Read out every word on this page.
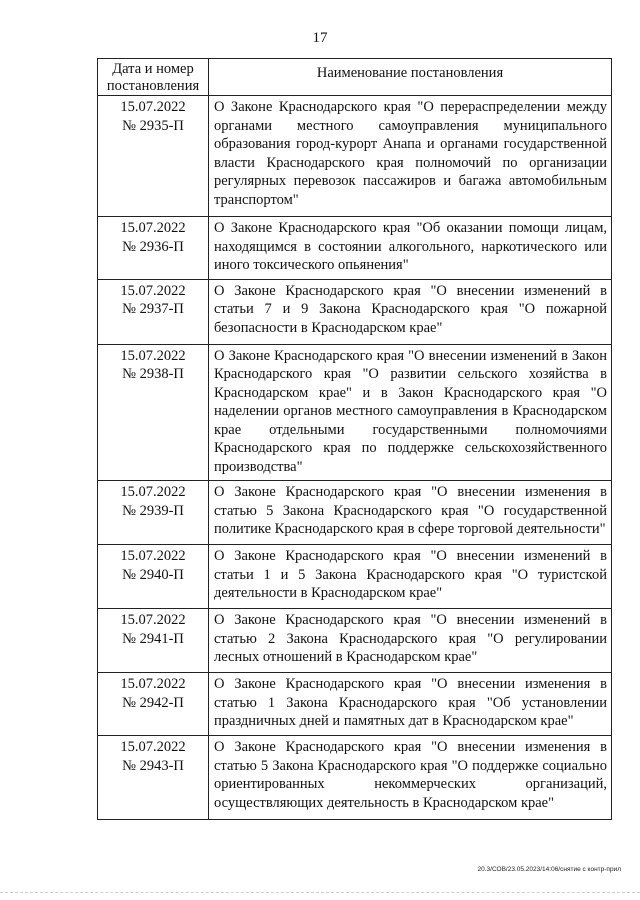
17
Дата и номер постановления	Наименование постановления

15.07.2022
№ 2935-П	О Законе Краснодарского края "О перераспределении между органами местного самоуправления муниципального образования город-курорт Анапа и органами государственной власти Краснодарского края полномочий по организации регулярных перевозок пассажиров и багажа автомобильным транспортом"

15.07.2022
№ 2936-П	О Законе Краснодарского края "Об оказании помощи лицам, находящимся в состоянии алкогольного, наркотического или иного токсического опьянения"

15.07.2022
№ 2937-П	О Законе Краснодарского края "О внесении изменений в статьи 7 и 9 Закона Краснодарского края "О пожарной безопасности в Краснодарском крае"

15.07.2022
№ 2938-П	О Законе Краснодарского края "О внесении изменений в Закон Краснодарского края "О развитии сельского хозяйства в Краснодарском крае" и в Закон Краснодарского края "О наделении органов местного самоуправления в Краснодарском крае отдельными государственными полномочиями Краснодарского края по поддержке сельскохозяйственного производства"

15.07.2022
№ 2939-П	О Законе Краснодарского края "О внесении изменения в статью 5 Закона Краснодарского края "О государственной политике Краснодарского края в сфере торговой деятельности"

15.07.2022
№ 2940-П	О Законе Краснодарского края "О внесении изменений в статьи 1 и 5 Закона Краснодарского края "О туристской деятельности в Краснодарском крае"

15.07.2022
№ 2941-П	О Законе Краснодарского края "О внесении изменений в статью 2 Закона Краснодарского края "О регулировании лесных отношений в Краснодарском крае"

15.07.2022
№ 2942-П	О Законе Краснодарского края "О внесении изменения в статью 1 Закона Краснодарского края "Об установлении праздничных дней и памятных дат в Краснодарском крае"

15.07.2022
№ 2943-П	О Законе Краснодарского края "О внесении изменения в статью 5 Закона Краснодарского края "О поддержке социально ориентированных некоммерческих организаций, осуществляющих деятельность в Краснодарском крае"
20.3/СОВ/23.05.2023/14:06/снятие с контр-прил
